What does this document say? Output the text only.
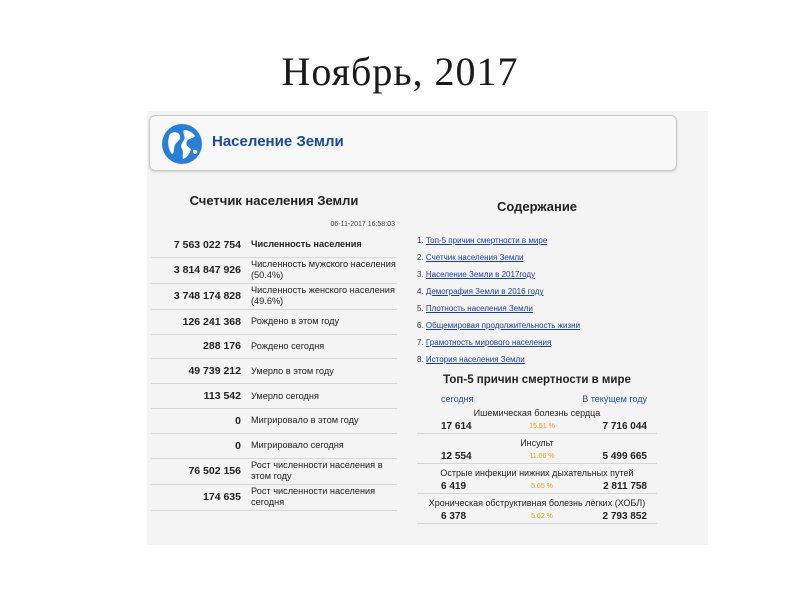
Ноябрь, 2017
Население Земли
Счетчик населения Земли
06-11-2017 16:58:03
7 563 022 754	Численность населения
3 814 847 926	Численность мужского населения (50.4%)
3 748 174 828	Численность женского населения (49.6%)
126 241 368	Рождено в этом году
288 176	Рождено сегодня
49 739 212	Умерло в этом году
113 542	Умерло сегодня
0	Мигрировало в этом году
0	Мигрировало сегодня
76 502 156	Рост численности населения в этом году
174 635	Рост численности населения сегодня
Содержание
1. Топ-5 причин смертности в мире
2. Счетчик населения Земли
3. Население Земли в 2017году
4. Демография Земли в 2016 году
5. Плотность населения Земли
6. Общемировая продолжительность жизни
7. Грамотность мирового населения
8. История населения Земли
Топ-5 причин смертности в мире
сегодня	В текущем году
Ишемическая болезнь сердца
17 614	15.51 %	7 716 044
Инсульт
12 554	11.06 %	5 499 665
Острые инфекции нижних дыхательных путей
6 419	5.65 %	2 811 758
Хроническая обструктивная болезнь лёгких (ХОБЛ)
6 378	5.62 %	2 793 852
